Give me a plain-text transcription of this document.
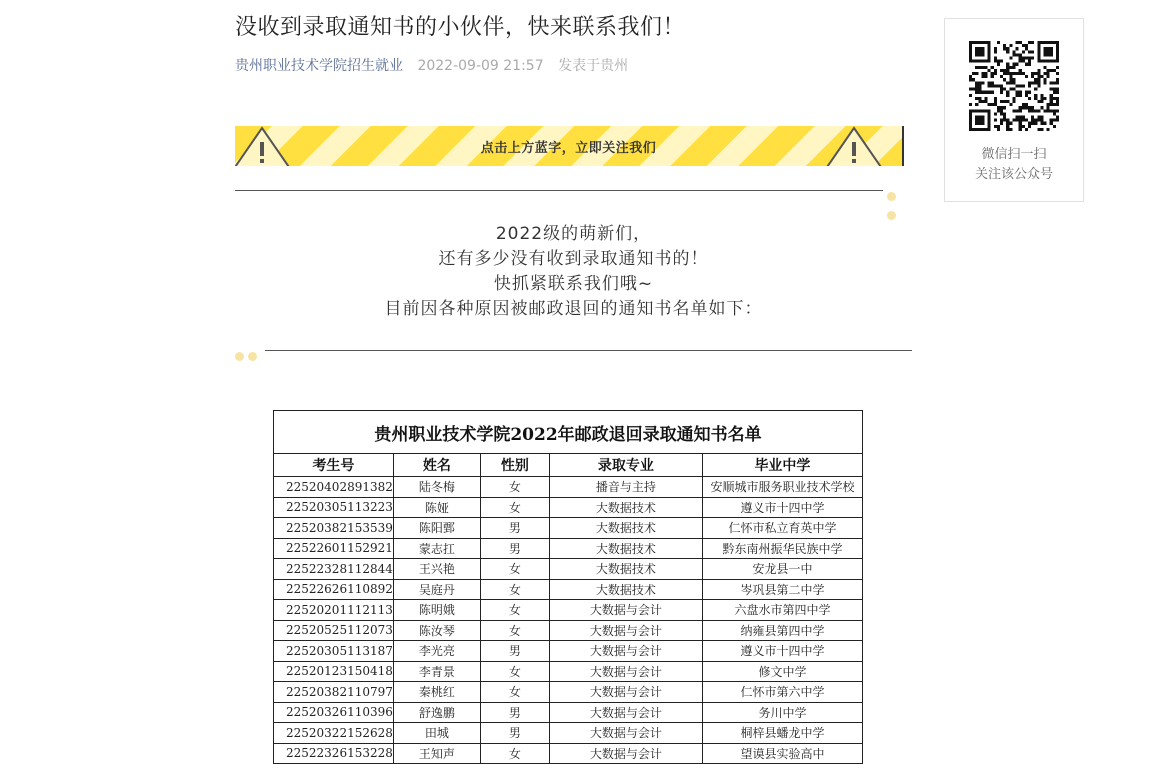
没收到录取通知书的小伙伴，快来联系我们！
贵州职业技术学院招生就业 2022-09-09 21:57 发表于贵州
点击上方蓝字，立即关注我们
2022级的萌新们，
还有多少没有收到录取通知书的！
快抓紧联系我们哦~
目前因各种原因被邮政退回的通知书名单如下：
贵州职业技术学院2022年邮政退回录取通知书名单				
考生号	姓名	性别	录取专业	毕业中学
22520402891382	陆冬梅	女	播音与主持	安顺城市服务职业技术学校
22520305113223	陈娅	女	大数据技术	遵义市十四中学
22520382153539	陈阳鄄	男	大数据技术	仁怀市私立育英中学
22522601152921	蒙志扛	男	大数据技术	黔东南州振华民族中学
22522328112844	王兴艳	女	大数据技术	安龙县一中
22522626110892	吴庭丹	女	大数据技术	岑巩县第二中学
22520201112113	陈明娥	女	大数据与会计	六盘水市第四中学
22520525112073	陈汝琴	女	大数据与会计	纳雍县第四中学
22520305113187	李光亮	男	大数据与会计	遵义市十四中学
22520123150418	李青景	女	大数据与会计	修文中学
22520382110797	秦桃红	女	大数据与会计	仁怀市第六中学
22520326110396	舒逸鹏	男	大数据与会计	务川中学
22520322152628	田城	男	大数据与会计	桐梓县蟠龙中学
22522326153228	王知声	女	大数据与会计	望谟县实验高中
微信扫一扫
关注该公众号
